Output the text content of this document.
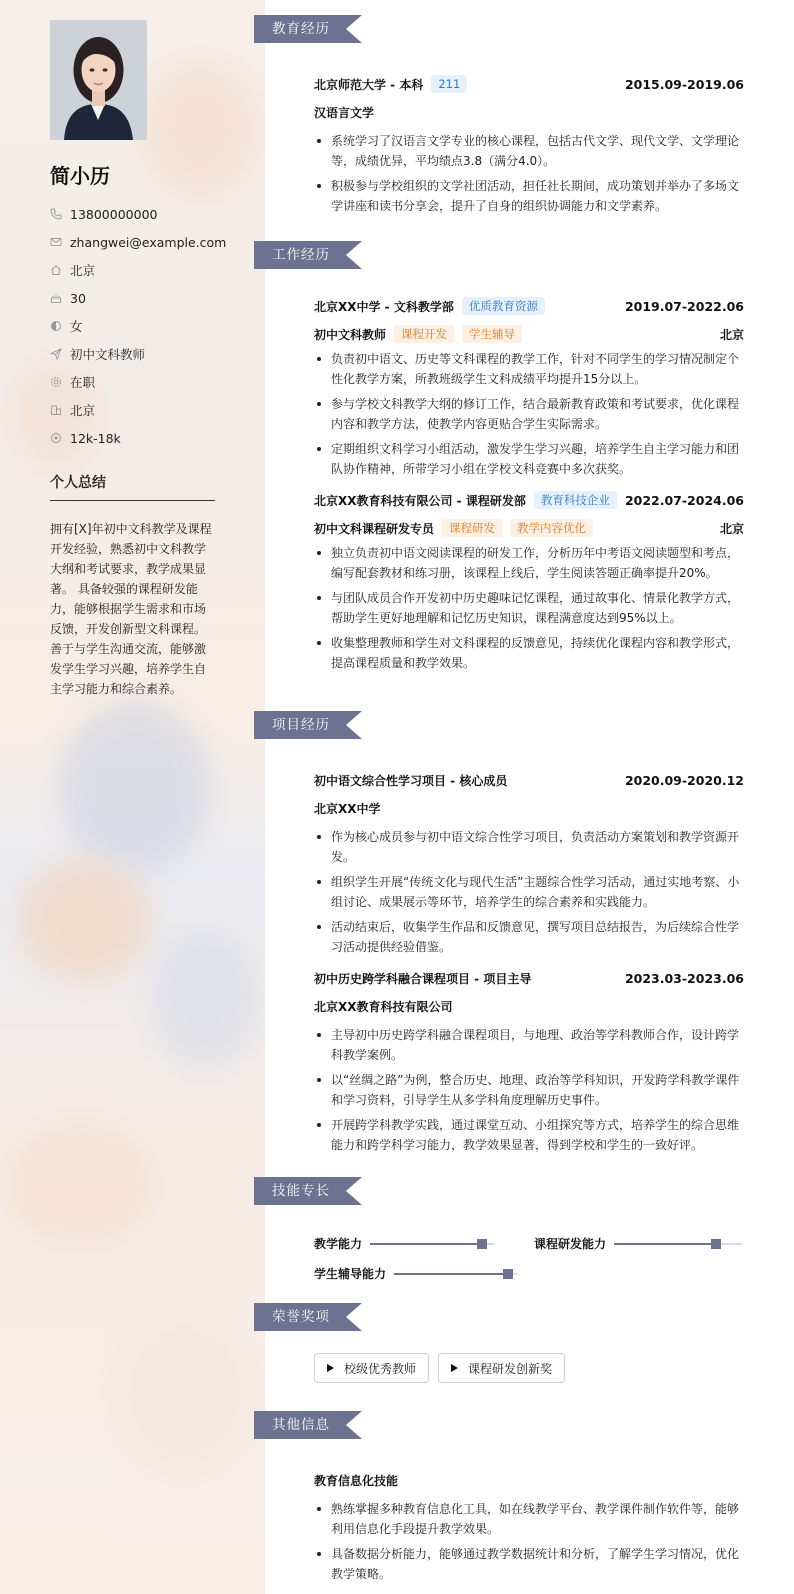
简小历
13800000000
zhangwei@example.com
北京
30
女
初中文科教师
在职
北京
12k-18k
个人总结
拥有[X]年初中文科教学及课程开发经验，熟悉初中文科教学大纲和考试要求，教学成果显著。 具备较强的课程研发能力，能够根据学生需求和市场反馈，开发创新型文科课程。 善于与学生沟通交流，能够激发学生学习兴趣，培养学生自主学习能力和综合素养。
教育经历
北京师范大学 - 本科	211	2015.09-2019.06
汉语言文学
系统学习了汉语言文学专业的核心课程，包括古代文学、现代文学、文学理论等，成绩优异，平均绩点3.8（满分4.0）。
积极参与学校组织的文学社团活动，担任社长期间，成功策划并举办了多场文学讲座和读书分享会，提升了自身的组织协调能力和文学素养。
工作经历
北京XX中学 - 文科教学部	优质教育资源	2019.07-2022.06
初中文科教师	课程开发	学生辅导	北京
负责初中语文、历史等文科课程的教学工作，针对不同学生的学习情况制定个性化教学方案，所教班级学生文科成绩平均提升15分以上。
参与学校文科教学大纲的修订工作，结合最新教育政策和考试要求，优化课程内容和教学方法，使教学内容更贴合学生实际需求。
定期组织文科学习小组活动，激发学生学习兴趣，培养学生自主学习能力和团队协作精神，所带学习小组在学校文科竞赛中多次获奖。
北京XX教育科技有限公司 - 课程研发部	教育科技企业	2022.07-2024.06
初中文科课程研发专员	课程研发	教学内容优化	北京
独立负责初中语文阅读课程的研发工作，分析历年中考语文阅读题型和考点，编写配套教材和练习册，该课程上线后，学生阅读答题正确率提升20%。
与团队成员合作开发初中历史趣味记忆课程，通过故事化、情景化教学方式，帮助学生更好地理解和记忆历史知识，课程满意度达到95%以上。
收集整理教师和学生对文科课程的反馈意见，持续优化课程内容和教学形式，提高课程质量和教学效果。
项目经历
初中语文综合性学习项目 - 核心成员	2020.09-2020.12
北京XX中学
作为核心成员参与初中语文综合性学习项目，负责活动方案策划和教学资源开发。
组织学生开展“传统文化与现代生活”主题综合性学习活动，通过实地考察、小组讨论、成果展示等环节，培养学生的综合素养和实践能力。
活动结束后，收集学生作品和反馈意见，撰写项目总结报告，为后续综合性学习活动提供经验借鉴。
初中历史跨学科融合课程项目 - 项目主导	2023.03-2023.06
北京XX教育科技有限公司
主导初中历史跨学科融合课程项目，与地理、政治等学科教师合作，设计跨学科教学案例。
以“丝绸之路”为例，整合历史、地理、政治等学科知识，开发跨学科教学课件和学习资料，引导学生从多学科角度理解历史事件。
开展跨学科教学实践，通过课堂互动、小组探究等方式，培养学生的综合思维能力和跨学科学习能力，教学效果显著，得到学校和学生的一致好评。
技能专长
教学能力	课程研发能力
学生辅导能力
荣誉奖项
校级优秀教师	课程研发创新奖
其他信息
教育信息化技能
熟练掌握多种教育信息化工具，如在线教学平台、教学课件制作软件等，能够利用信息化手段提升教学效果。
具备数据分析能力，能够通过教学数据统计和分析，了解学生学习情况，优化教学策略。
